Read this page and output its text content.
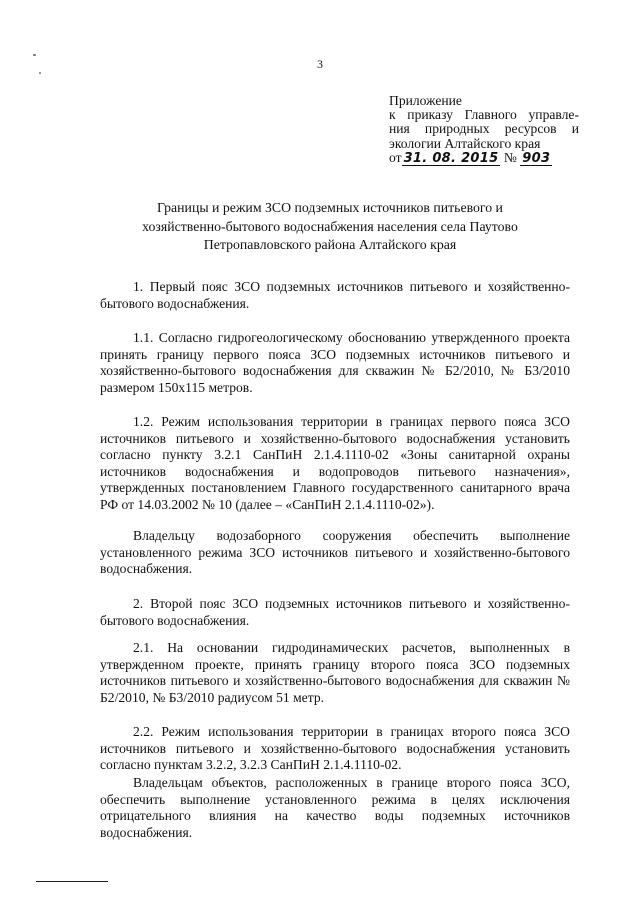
3
Приложение
к приказу Главного управле-
ния природных ресурсов и
экологии Алтайского края
от 31. 08. 2015 № 903
Границы и режим ЗСО подземных источников питьевого и
хозяйственно-бытового водоснабжения населения села Паутово
Петропавловского района Алтайского края
1. Первый пояс ЗСО подземных источников питьевого и хозяйственно-бытового водоснабжения.
1.1. Согласно гидрогеологическому обоснованию утвержденного проекта принять границу первого пояса ЗСО подземных источников питьевого и хозяйственно-бытового водоснабжения для скважин № Б2/2010, № Б3/2010 размером 150х115 метров.
1.2. Режим использования территории в границах первого пояса ЗСО источников питьевого и хозяйственно-бытового водоснабжения установить согласно пункту 3.2.1 СанПиН 2.1.4.1110-02 «Зоны санитарной охраны источников водоснабжения и водопроводов питьевого назначения», утвержденных постановлением Главного государственного санитарного врача РФ от 14.03.2002 № 10 (далее – «СанПиН 2.1.4.1110-02»).
Владельцу водозаборного сооружения обеспечить выполнение установленного режима ЗСО источников питьевого и хозяйственно-бытового водоснабжения.
2. Второй пояс ЗСО подземных источников питьевого и хозяйственно-бытового водоснабжения.
2.1. На основании гидродинамических расчетов, выполненных в утвержденном проекте, принять границу второго пояса ЗСО подземных источников питьевого и хозяйственно-бытового водоснабжения для скважин № Б2/2010, № Б3/2010 радиусом 51 метр.
2.2. Режим использования территории в границах второго пояса ЗСО источников питьевого и хозяйственно-бытового водоснабжения установить согласно пунктам 3.2.2, 3.2.3 СанПиН 2.1.4.1110-02.
Владельцам объектов, расположенных в границе второго пояса ЗСО, обеспечить выполнение установленного режима в целях исключения отрицательного влияния на качество воды подземных источников водоснабжения.
